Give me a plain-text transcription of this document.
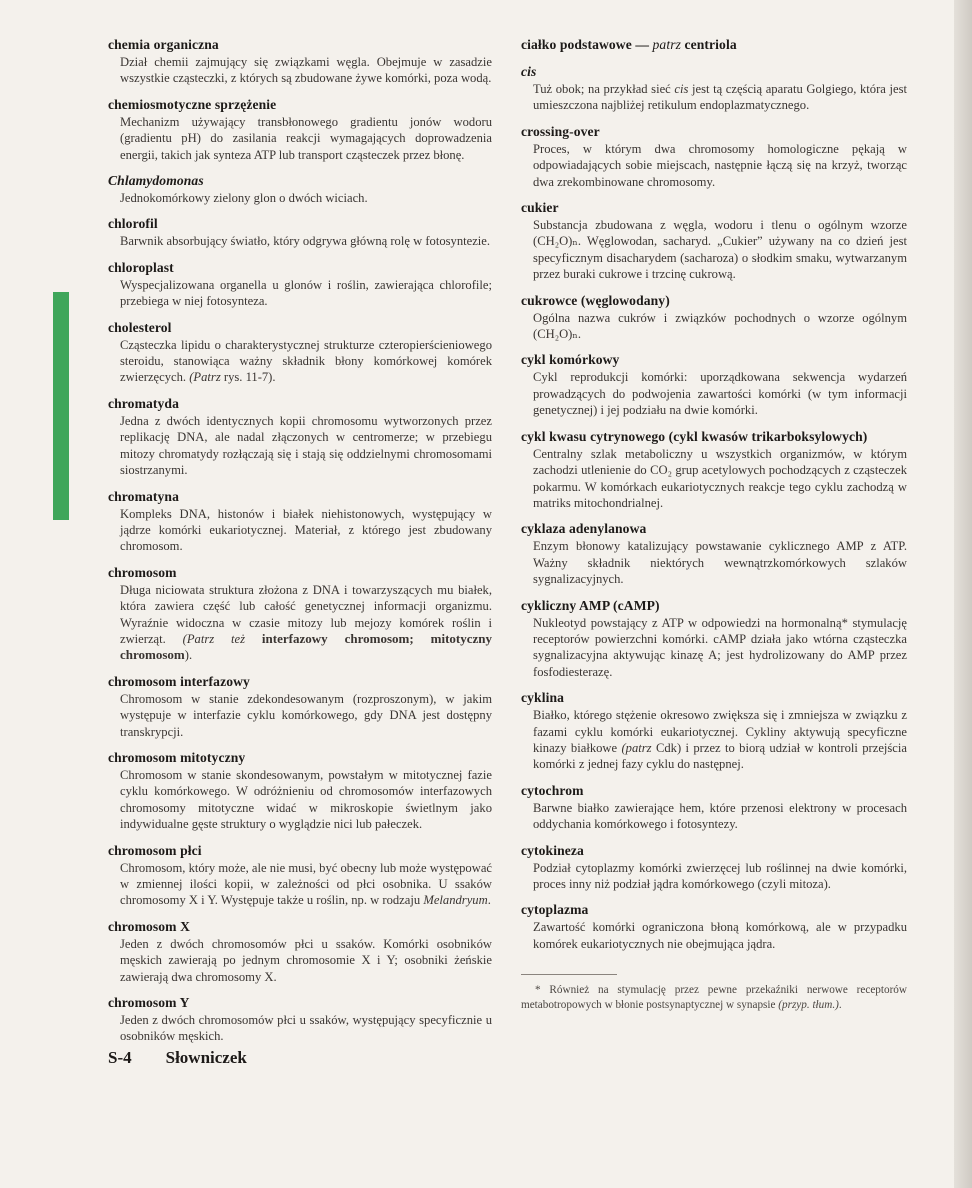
chemia organiczna
Dział chemii zajmujący się związkami węgla. Obejmuje w zasadzie wszystkie cząsteczki, z których są zbudowane żywe komórki, poza wodą.
chemiosmotyczne sprzężenie
Mechanizm używający transbłonowego gradientu jonów wodoru (gradientu pH) do zasilania reakcji wymagających doprowadzenia energii, takich jak synteza ATP lub transport cząsteczek przez błonę.
Chlamydomonas
Jednokomórkowy zielony glon o dwóch wiciach.
chlorofil
Barwnik absorbujący światło, który odgrywa główną rolę w fotosyntezie.
chloroplast
Wyspecjalizowana organella u glonów i roślin, zawierająca chlorofile; przebiega w niej fotosynteza.
cholesterol
Cząsteczka lipidu o charakterystycznej strukturze czteropierścieniowego steroidu, stanowiąca ważny składnik błony komórkowej komórek zwierzęcych. (Patrz rys. 11-7).
chromatyda
Jedna z dwóch identycznych kopii chromosomu wytworzonych przez replikację DNA, ale nadal złączonych w centromerze; w przebiegu mitozy chromatydy rozłączają się i stają się oddzielnymi chromosomami siostrzanymi.
chromatyna
Kompleks DNA, histonów i białek niehistonowych, występujący w jądrze komórki eukariotycznej. Materiał, z którego jest zbudowany chromosom.
chromosom
Długa niciowata struktura złożona z DNA i towarzyszących mu białek, która zawiera część lub całość genetycznej informacji organizmu. Wyraźnie widoczna w czasie mitozy lub mejozy komórek roślin i zwierząt. (Patrz też interfazowy chromosom; mitotyczny chromosom).
chromosom interfazowy
Chromosom w stanie zdekondesowanym (rozproszonym), w jakim występuje w interfazie cyklu komórkowego, gdy DNA jest dostępny transkrypcji.
chromosom mitotyczny
Chromosom w stanie skondesowanym, powstałym w mitotycznej fazie cyklu komórkowego. W odróżnieniu od chromosomów interfazowych chromosomy mitotyczne widać w mikroskopie świetlnym jako indywidualne gęste struktury o wyglądzie nici lub pałeczek.
chromosom płci
Chromosom, który może, ale nie musi, być obecny lub może występować w zmiennej ilości kopii, w zależności od płci osobnika. U ssaków chromosomy X i Y. Występuje także u roślin, np. w rodzaju Melandryum.
chromosom X
Jeden z dwóch chromosomów płci u ssaków. Komórki osobników męskich zawierają po jednym chromosomie X i Y; osobniki żeńskie zawierają dwa chromosomy X.
chromosom Y
Jeden z dwóch chromosomów płci u ssaków, występujący specyficznie u osobników męskich.
ciałko podstawowe — patrz centriola
cis
Tuż obok; na przykład sieć cis jest tą częścią aparatu Golgiego, która jest umieszczona najbliżej retikulum endoplazmatycznego.
crossing-over
Proces, w którym dwa chromosomy homologiczne pękają w odpowiadających sobie miejscach, następnie łączą się na krzyż, tworząc dwa zrekombinowane chromosomy.
cukier
Substancja zbudowana z węgla, wodoru i tlenu o ogólnym wzorze (CH₂O)ₙ. Węglowodan, sacharyd. „Cukier” używany na co dzień jest specyficznym disacharydem (sacharoza) o słodkim smaku, wytwarzanym przez buraki cukrowe i trzcinę cukrową.
cukrowce (węglowodany)
Ogólna nazwa cukrów i związków pochodnych o wzorze ogólnym (CH₂O)ₙ.
cykl komórkowy
Cykl reprodukcji komórki: uporządkowana sekwencja wydarzeń prowadzących do podwojenia zawartości komórki (w tym informacji genetycznej) i jej podziału na dwie komórki.
cykl kwasu cytrynowego (cykl kwasów trikarboksylowych)
Centralny szlak metaboliczny u wszystkich organizmów, w którym zachodzi utlenienie do CO₂ grup acetylowych pochodzących z cząsteczek pokarmu. W komórkach eukariotycznych reakcje tego cyklu zachodzą w matriks mitochondrialnej.
cyklaza adenylanowa
Enzym błonowy katalizujący powstawanie cyklicznego AMP z ATP. Ważny składnik niektórych wewnątrzkomórkowych szlaków sygnalizacyjnych.
cykliczny AMP (cAMP)
Nukleotyd powstający z ATP w odpowiedzi na hormonalną* stymulację receptorów powierzchni komórki. cAMP działa jako wtórna cząsteczka sygnalizacyjna aktywując kinazę A; jest hydrolizowany do AMP przez fosfodiesterazę.
cyklina
Białko, którego stężenie okresowo zwiększa się i zmniejsza w związku z fazami cyklu komórki eukariotycznej. Cykliny aktywują specyficzne kinazy białkowe (patrz Cdk) i przez to biorą udział w kontroli przejścia komórki z jednej fazy cyklu do następnej.
cytochrom
Barwne białko zawierające hem, które przenosi elektrony w procesach oddychania komórkowego i fotosyntezy.
cytokineza
Podział cytoplazmy komórki zwierzęcej lub roślinnej na dwie komórki, proces inny niż podział jądra komórkowego (czyli mitoza).
cytoplazma
Zawartość komórki ograniczona błoną komórkową, ale w przypadku komórek eukariotycznych nie obejmująca jądra.
* Również na stymulację przez pewne przekaźniki nerwowe receptorów metabotropowych w błonie postsynaptycznej w synapsie (przyp. tłum.).
S-4 Słowniczek
